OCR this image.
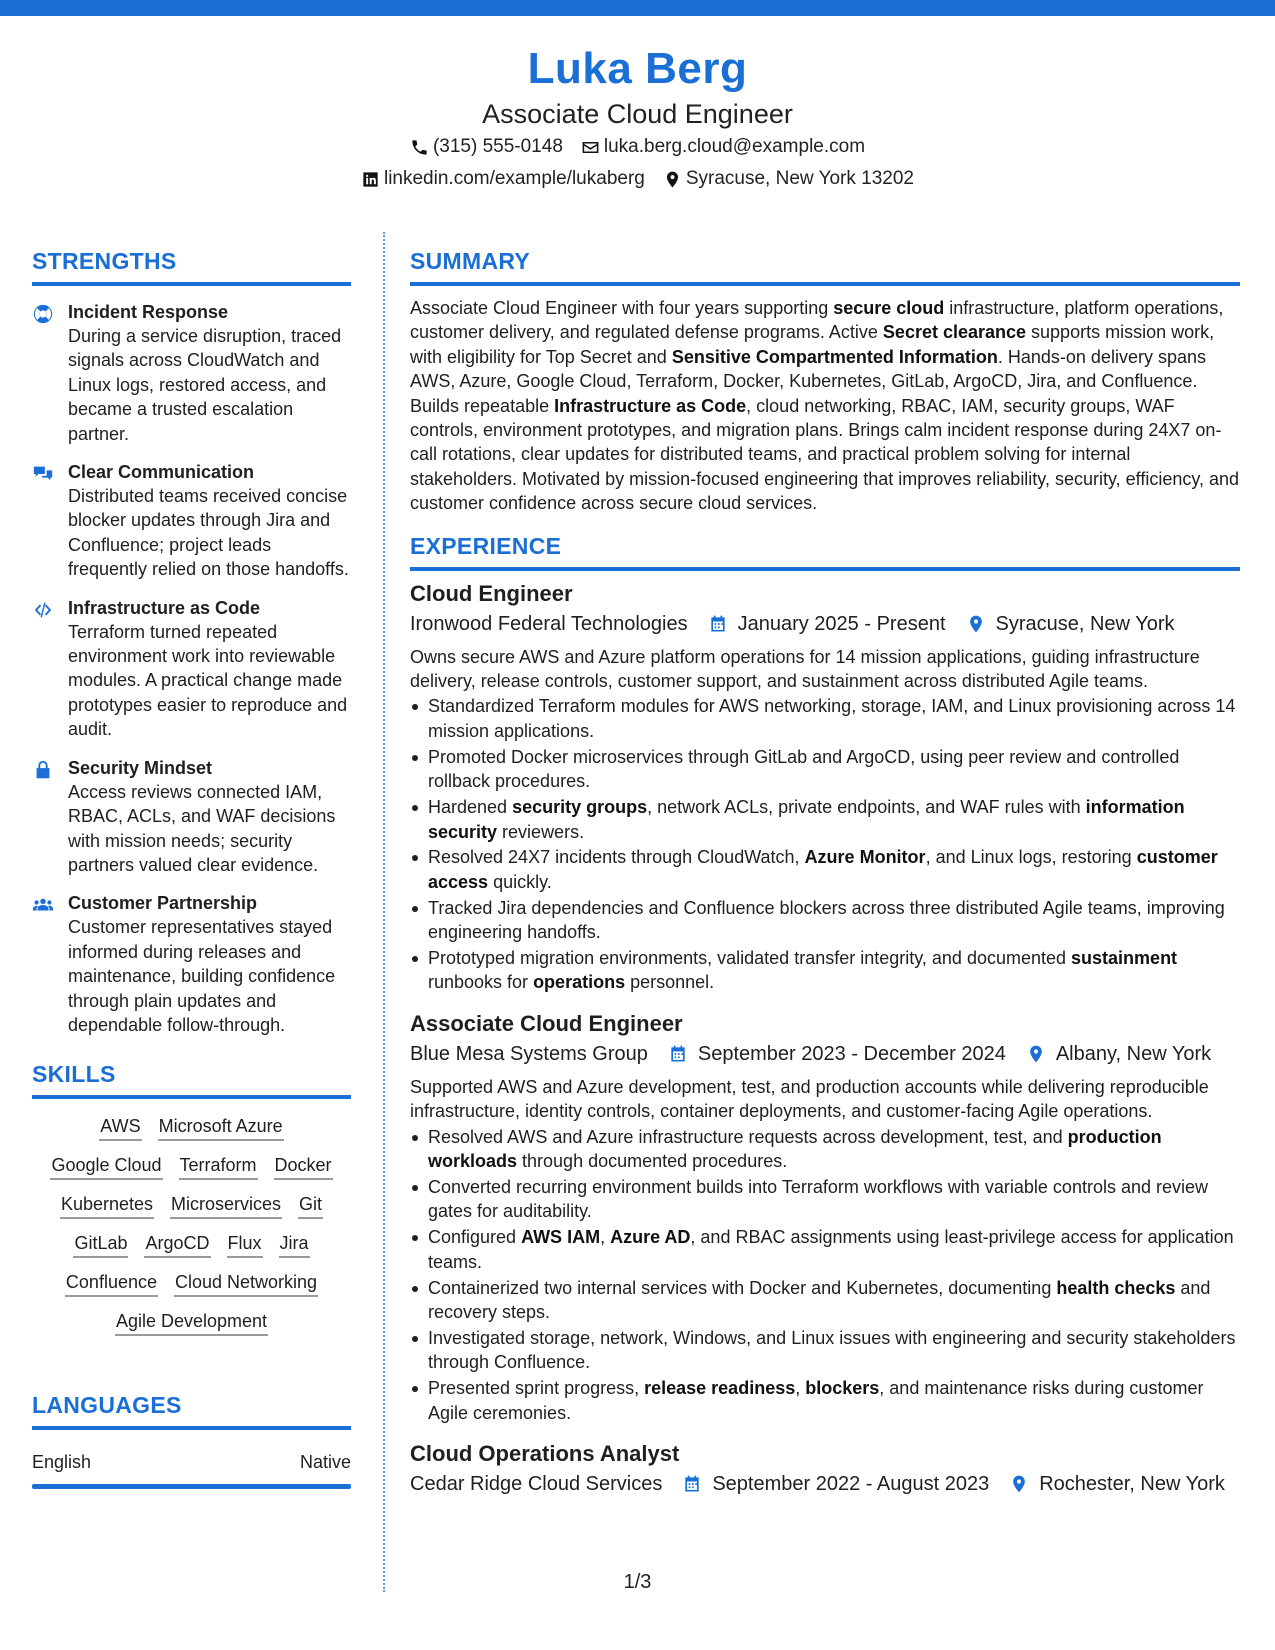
Luka Berg
Associate Cloud Engineer
(315) 555-0148 luka.berg.cloud@example.com
linkedin.com/example/lukaberg Syracuse, New York 13202
STRENGTHS
Incident Response
During a service disruption, traced signals across CloudWatch and Linux logs, restored access, and became a trusted escalation partner.
Clear Communication
Distributed teams received concise blocker updates through Jira and Confluence; project leads frequently relied on those handoffs.
Infrastructure as Code
Terraform turned repeated environment work into reviewable modules. A practical change made prototypes easier to reproduce and audit.
Security Mindset
Access reviews connected IAM, RBAC, ACLs, and WAF decisions with mission needs; security partners valued clear evidence.
Customer Partnership
Customer representatives stayed informed during releases and maintenance, building confidence through plain updates and dependable follow-through.
SKILLS
AWS Microsoft Azure
Google Cloud Terraform Docker
Kubernetes Microservices Git
GitLab ArgoCD Flux Jira
Confluence Cloud Networking
Agile Development
LANGUAGES
English	Native
SUMMARY
Associate Cloud Engineer with four years supporting secure cloud infrastructure, platform operations, customer delivery, and regulated defense programs. Active Secret clearance supports mission work, with eligibility for Top Secret and Sensitive Compartmented Information. Hands-on delivery spans AWS, Azure, Google Cloud, Terraform, Docker, Kubernetes, GitLab, ArgoCD, Jira, and Confluence. Builds repeatable Infrastructure as Code, cloud networking, RBAC, IAM, security groups, WAF controls, environment prototypes, and migration plans. Brings calm incident response during 24X7 on-call rotations, clear updates for distributed teams, and practical problem solving for internal stakeholders. Motivated by mission-focused engineering that improves reliability, security, efficiency, and customer confidence across secure cloud services.
EXPERIENCE
Cloud Engineer
Ironwood Federal Technologies	January 2025 - Present	Syracuse, New York
Owns secure AWS and Azure platform operations for 14 mission applications, guiding infrastructure delivery, release controls, customer support, and sustainment across distributed Agile teams.
Standardized Terraform modules for AWS networking, storage, IAM, and Linux provisioning across 14 mission applications.
Promoted Docker microservices through GitLab and ArgoCD, using peer review and controlled rollback procedures.
Hardened security groups, network ACLs, private endpoints, and WAF rules with information security reviewers.
Resolved 24X7 incidents through CloudWatch, Azure Monitor, and Linux logs, restoring customer access quickly.
Tracked Jira dependencies and Confluence blockers across three distributed Agile teams, improving engineering handoffs.
Prototyped migration environments, validated transfer integrity, and documented sustainment runbooks for operations personnel.
Associate Cloud Engineer
Blue Mesa Systems Group	September 2023 - December 2024	Albany, New York
Supported AWS and Azure development, test, and production accounts while delivering reproducible infrastructure, identity controls, container deployments, and customer-facing Agile operations.
Resolved AWS and Azure infrastructure requests across development, test, and production workloads through documented procedures.
Converted recurring environment builds into Terraform workflows with variable controls and review gates for auditability.
Configured AWS IAM, Azure AD, and RBAC assignments using least-privilege access for application teams.
Containerized two internal services with Docker and Kubernetes, documenting health checks and recovery steps.
Investigated storage, network, Windows, and Linux issues with engineering and security stakeholders through Confluence.
Presented sprint progress, release readiness, blockers, and maintenance risks during customer Agile ceremonies.
Cloud Operations Analyst
Cedar Ridge Cloud Services	September 2022 - August 2023	Rochester, New York
1/3
